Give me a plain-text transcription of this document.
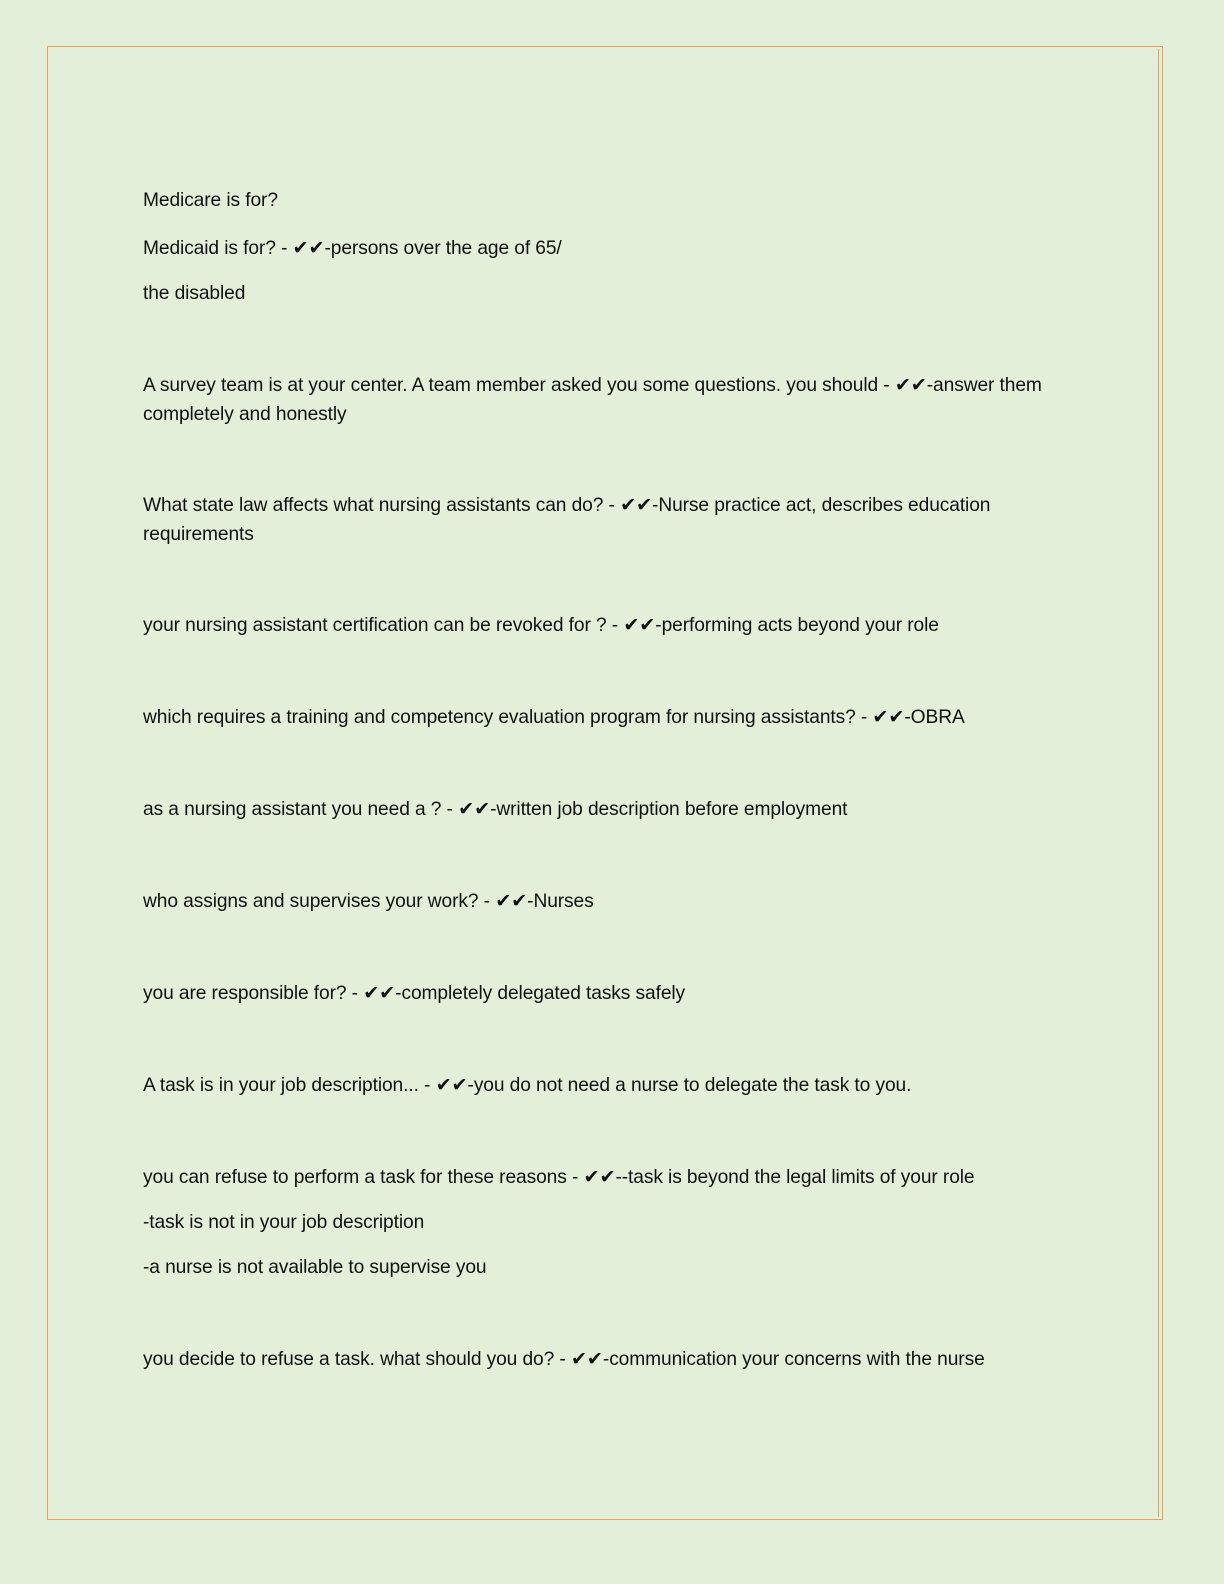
Medicare is for?
Medicaid is for? - ✔✔-persons over the age of 65/
the disabled
A survey team is at your center. A team member asked you some questions. you should - ✔✔-answer them completely and honestly
What state law affects what nursing assistants can do? - ✔✔-Nurse practice act, describes education requirements
your nursing assistant certification can be revoked for ? - ✔✔-performing acts beyond your role
which requires a training and competency evaluation program for nursing assistants? - ✔✔-OBRA
as a nursing assistant you need a ? - ✔✔-written job description before employment
who assigns and supervises your work? - ✔✔-Nurses
you are responsible for? - ✔✔-completely delegated tasks safely
A task is in your job description... - ✔✔-you do not need a nurse to delegate the task to you.
you can refuse to perform a task for these reasons - ✔✔--task is beyond the legal limits of your role
-task is not in your job description
-a nurse is not available to supervise you
you decide to refuse a task. what should you do? - ✔✔-communication your concerns with the nurse
